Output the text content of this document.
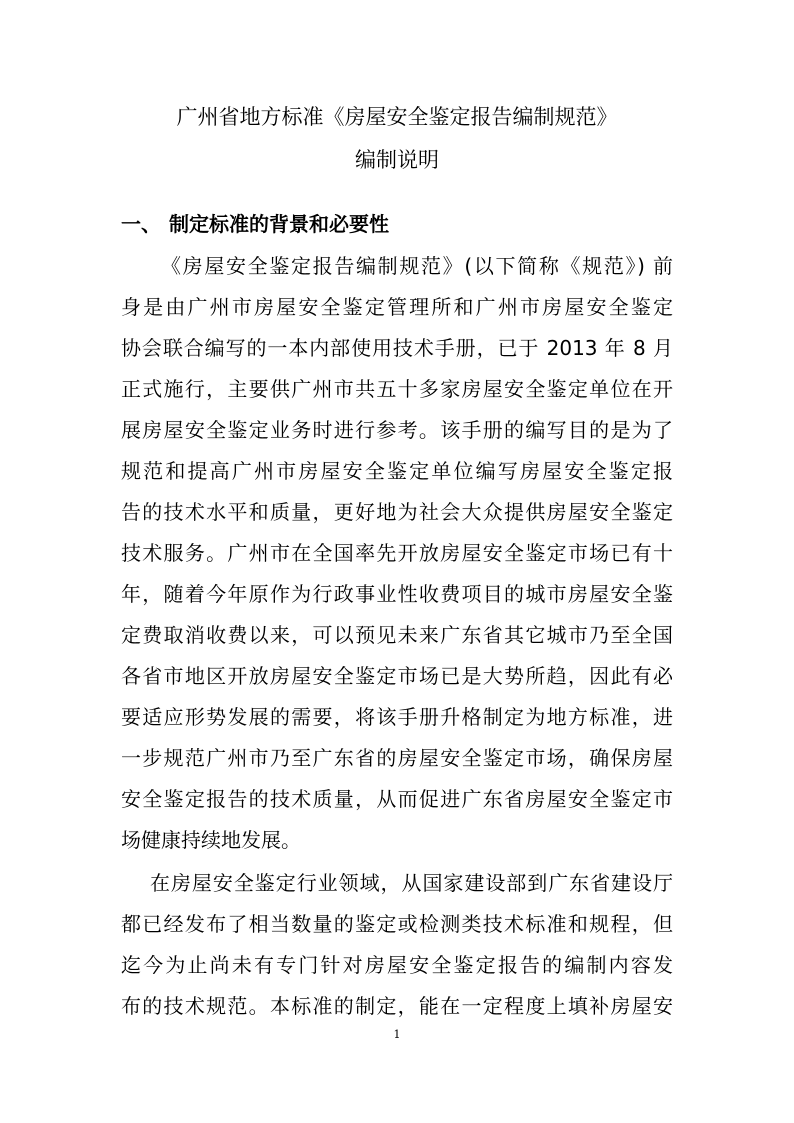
广州省地方标准《房屋安全鉴定报告编制规范》
编制说明
一、 制定标准的背景和必要性
《房屋安全鉴定报告编制规范》(以下简称《规范》) 前
身是由广州市房屋安全鉴定管理所和广州市房屋安全鉴定
协会联合编写的一本内部使用技术手册，已于 2013 年 8 月
正式施行，主要供广州市共五十多家房屋安全鉴定单位在开
展房屋安全鉴定业务时进行参考。该手册的编写目的是为了
规范和提高广州市房屋安全鉴定单位编写房屋安全鉴定报
告的技术水平和质量，更好地为社会大众提供房屋安全鉴定
技术服务。广州市在全国率先开放房屋安全鉴定市场已有十
年，随着今年原作为行政事业性收费项目的城市房屋安全鉴
定费取消收费以来，可以预见未来广东省其它城市乃至全国
各省市地区开放房屋安全鉴定市场已是大势所趋，因此有必
要适应形势发展的需要，将该手册升格制定为地方标准，进
一步规范广州市乃至广东省的房屋安全鉴定市场，确保房屋
安全鉴定报告的技术质量，从而促进广东省房屋安全鉴定市
场健康持续地发展。
在房屋安全鉴定行业领域，从国家建设部到广东省建设厅
都已经发布了相当数量的鉴定或检测类技术标准和规程，但
迄今为止尚未有专门针对房屋安全鉴定报告的编制内容发
布的技术规范。本标准的制定，能在一定程度上填补房屋安
1
